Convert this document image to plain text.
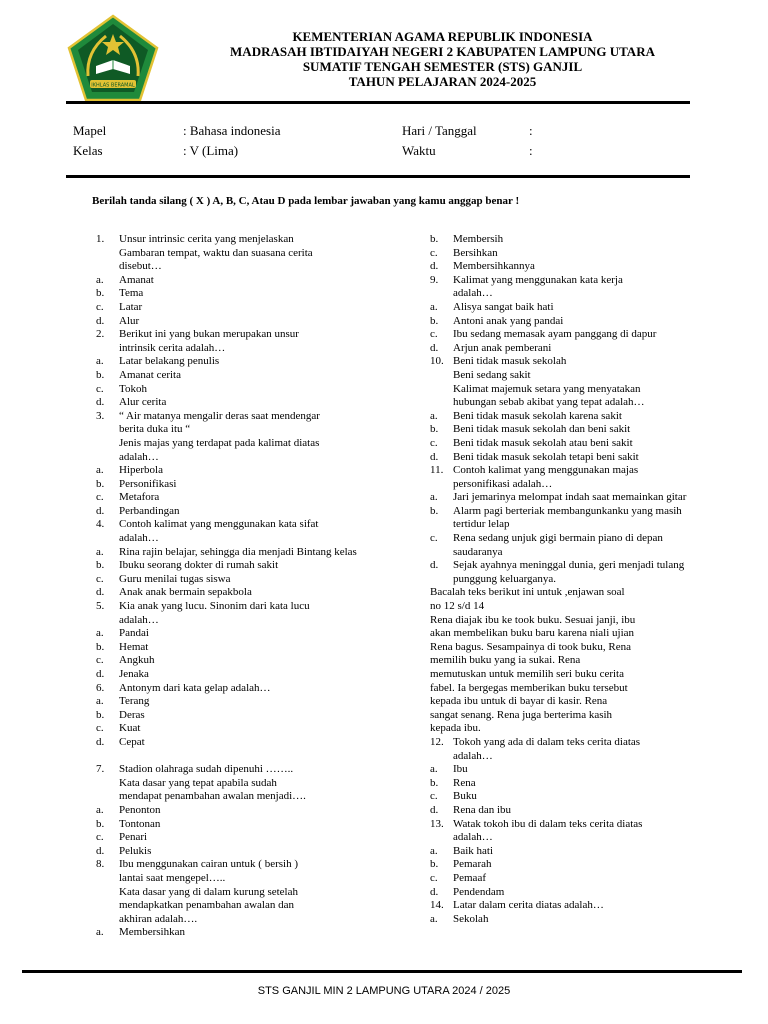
IKHLAS BERAMAL
KEMENTERIAN AGAMA REPUBLIK INDONESIA
MADRASAH IBTIDAIYAH NEGERI 2 KABUPATEN LAMPUNG UTARA
SUMATIF TENGAH SEMESTER (STS) GANJIL
TAHUN PELAJARAN 2024-2025
Mapel	: Bahasa indonesia
Kelas	: V (Lima)
Hari / Tanggal	:
Waktu	:
Berilah tanda silang ( X ) A, B, C, Atau D pada lembar jawaban yang kamu anggap benar !
1.	Unsur intrinsic cerita yang menjelaskan
Gambaran tempat, waktu dan suasana cerita
disebut…
a.	Amanat
b.	Tema
c.	Latar
d.	Alur
2.	Berikut ini yang bukan merupakan unsur
intrinsik cerita adalah…
a.	Latar belakang penulis
b.	Amanat cerita
c.	Tokoh
d.	Alur cerita
3.	“ Air matanya mengalir deras saat mendengar
berita duka itu “
Jenis majas yang terdapat pada kalimat diatas
adalah…
a.	Hiperbola
b.	Personifikasi
c.	Metafora
d.	Perbandingan
4.	Contoh kalimat yang menggunakan kata sifat
adalah…
a.	Rina rajin belajar, sehingga dia menjadi Bintang kelas
b.	Ibuku seorang dokter di rumah sakit
c.	Guru menilai tugas siswa
d.	Anak anak bermain sepakbola
5.	Kia anak yang lucu. Sinonim dari kata lucu
adalah…
a.	Pandai
b.	Hemat
c.	Angkuh
d.	Jenaka
6.	Antonym dari kata gelap adalah…
a.	Terang
b.	Deras
c.	Kuat
d.	Cepat
7.	Stadion olahraga sudah dipenuhi ……..
Kata dasar yang tepat apabila sudah
mendapat penambahan awalan menjadi….
a.	Penonton
b.	Tontonan
c.	Penari
d.	Pelukis
8.	Ibu menggunakan cairan untuk ( bersih )
lantai saat mengepel…..
Kata dasar yang di dalam kurung setelah
mendapkatkan penambahan awalan dan
akhiran adalah….
a.	Membersihkan
b.	Membersih
c.	Bersihkan
d.	Membersihkannya
9.	Kalimat yang menggunakan kata kerja
adalah…
a.	Alisya sangat baik hati
b.	Antoni anak yang pandai
c.	Ibu sedang memasak ayam panggang di dapur
d.	Arjun anak pemberani
10. Beni tidak masuk sekolah
Beni sedang sakit
Kalimat majemuk setara yang menyatakan
hubungan sebab akibat yang tepat adalah…
a.	Beni tidak masuk sekolah karena sakit
b.	Beni tidak masuk sekolah dan beni sakit
c.	Beni tidak masuk sekolah atau beni sakit
d.	Beni tidak masuk sekolah tetapi beni sakit
11. Contoh kalimat yang menggunakan majas
personifikasi adalah…
a.	Jari jemarinya melompat indah saat memainkan gitar
b.	Alarm pagi berteriak membangunkanku yang masih tertidur lelap
c.	Rena sedang unjuk gigi bermain piano di depan saudaranya
d.	Sejak ayahnya meninggal dunia, geri menjadi tulang punggung keluarganya.
Bacalah teks berikut ini untuk ,enjawan soal
no 12 s/d 14
Rena diajak ibu ke took buku. Sesuai janji, ibu
akan membelikan buku baru karena niali ujian
Rena bagus. Sesampainya di took buku, Rena
memilih buku yang ia sukai. Rena
memutuskan untuk memilih seri buku cerita
fabel. Ia bergegas memberikan buku tersebut
kepada ibu untuk di bayar di kasir. Rena
sangat senang. Rena juga berterima kasih
kepada ibu.
12. Tokoh yang ada di dalam teks cerita diatas
adalah…
a.	Ibu
b.	Rena
c.	Buku
d.	Rena dan ibu
13. Watak tokoh ibu di dalam teks cerita diatas
adalah…
a.	Baik hati
b.	Pemarah
c.	Pemaaf
d.	Pendendam
14. Latar dalam cerita diatas adalah…
a.	Sekolah
STS GANJIL MIN 2 LAMPUNG UTARA 2024 / 2025
